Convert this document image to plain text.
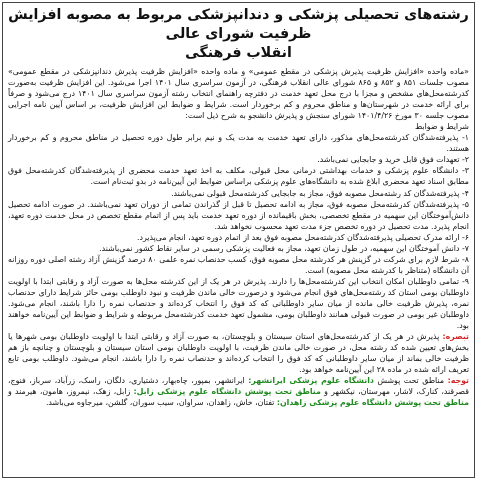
رشته‌های تحصیلی پزشکی و دندانپزشکی مربوط به مصوبه افزایش ظرفیت شورای عالی
انقلاب فرهنگی

«ماده واحده «افزایش ظرفیت پذیرش پزشکی در مقطع عمومی» و ماده واحده «افزایش ظرفیت پذیرش دندانپزشکی در مقطع عمومی» مصوب جلسات ۸۵۱ و ۸۵۲ و ۸۶۵ شورای عالی انقلاب فرهنگی، در آزمون سراسری سال ۱۴۰۱ اجرا می‌شود. این افزایش ظرفیت به‌صورت کدرشته‌محل‌های مشخص و مجزا با درج محل تعهد خدمت در دفترچه راهنمای انتخاب رشته آزمون سراسری سال ۱۴۰۱ درج می‌شود و صرفاً برای ارائه خدمت در شهرستان‌ها و مناطق محروم و کم برخوردار است. شرایط و ضوابط این افزایش ظرفیت، بر اساس آیین نامه اجرایی مصوب جلسه ۳۰ مورخ ۱۴۰۱/۴/۲۶ شورای سنجش و پذیرش دانشجو به شرح ذیل است:

شرایط و ضوابط

۱- پذیرفته‌شدگان کدرشته‌محل‌های مذکور، دارای تعهد خدمت به مدت یک و نیم برابر طول دوره تحصیل در مناطق محروم و کم برخوردار هستند.

۲- تعهدات فوق قابل خرید و جابجایی نمی‌باشد.

۳- دانشگاه علوم پزشکی و خدمات بهداشتی درمانی محل قبولی، مکلف به اخذ تعهد خدمت محضری از پذیرفته‌شدگان کدرشته‌محل فوق مطابق اسناد تعهد محضری ابلاغ شده به دانشگاه‌های علوم پزشکی براساس ضوابط این آیین‌نامه در بدو ثبت‌نام است.

۴- پذیرفته‌شدگان کد رشته‌محل مصوبه فوق، مجاز به جابجایی کدرشته‌محل قبولی نمی‌باشند.

۵- پذیرفته‌شدگان کدرشته‌محل مصوبه فوق، مجاز به ادامه تحصیل تا قبل از گذراندن تمامی از دوران تعهد نمی‌باشند. در صورت ادامه تحصیل دانش‌آموختگان این سهمیه در مقطع تخصصی، بخش باقیمانده از دوره تعهد خدمت باید پس از اتمام مقطع تخصص در محل خدمت دوره تعهد، انجام پذیرد. مدت تحصیل در دوره تخصص جزء مدت تعهد محسوب نخواهد شد.

۶- ارائه مدرک تحصیلی پذیرفته‌شدگان کدرشته‌محل مصوبه فوق بعد از اتمام دوره تعهد، انجام می‌پذیرد.

۷- دانش آموختگان این سهمیه، در طول زمان تعهد، مجاز به فعالیت پزشکی رسمی در سایر نقاط کشور نمی‌باشند.

۸- شرط لازم برای شرکت در گزینش هر کدرشته محل مصوبه فوق، کسب حدنصاب نمره علمی ۸۰ درصد گزینش آزاد رشته اصلی دوره روزانه آن دانشگاه (متناظر با کدرشته محل مصوبه) است.

۹- تمامی داوطلبان امکان انتخاب این کدرشته‌محل‌ها را دارند. پذیرش در هر یک از این کدرشته محل‌ها به صورت آزاد و رقابتی ابتدا با اولویت داوطلبان بومی استان کد رشته‌محل‌های فوق انجام می‌شود و درصورت خالی ماندن ظرفیت و نبود داوطلب بومی حائز شرایط دارای حدنصاب نمره، پذیرش ظرفیت خالی مانده از میان سایر داوطلبانی که کد فوق را انتخاب کرده‌اند و حدنصاب نمره را دارا باشند، انجام می‌شود. داوطلبان غیر بومی در صورت قبولی همانند داوطلبان بومی، مشمول تعهد خدمت کدرشته‌محل مربوطه و شرایط و ضوابط این آیین‌نامه خواهند بود.

تبصره: پذیرش در هر یک از کدرشته‌محل‌های استان سیستان و بلوچستان، به صورت آزاد و رقابتی ابتدا با اولویت داوطلبان بومی شهرها یا بخش‌های تعیین شده کد رشته محل، در صورت خالی ماندن ظرفیت، با اولویت داوطلبان بومی استان سیستان و بلوچستان و چنانچه باز هم ظرفیت خالی بماند از میان سایر داوطلبانی که کد فوق را انتخاب کرده‌اند و حدنصاب نمره را دارا باشند، انجام می‌شود. داوطلب بومی تابع تعریف ارائه شده در ماده ۲۸ این آیین‌نامه خواهد بود.

توجه: مناطق تحت پوشش دانشگاه علوم پزشکی ایرانشهر: ایرانشهر، بمپور، چاه‌بهار، دشتیاری، دلگان، راسک، زرآباد، سرباز، فنوج، قصرقند، کنارک، لاشار، مهرستان، نیکشهر و مناطق تحت پوشش دانشگاه علوم پزشکی زابل: زابل، زهک، نیمروز، هامون، هیرمند و مناطق تحت پوشش دانشگاه علوم پزشکی زاهدان: تفتان، خاش، زاهدان، سراوان، سیب سوران، گلشن، میرجاوه می‌باشد.
